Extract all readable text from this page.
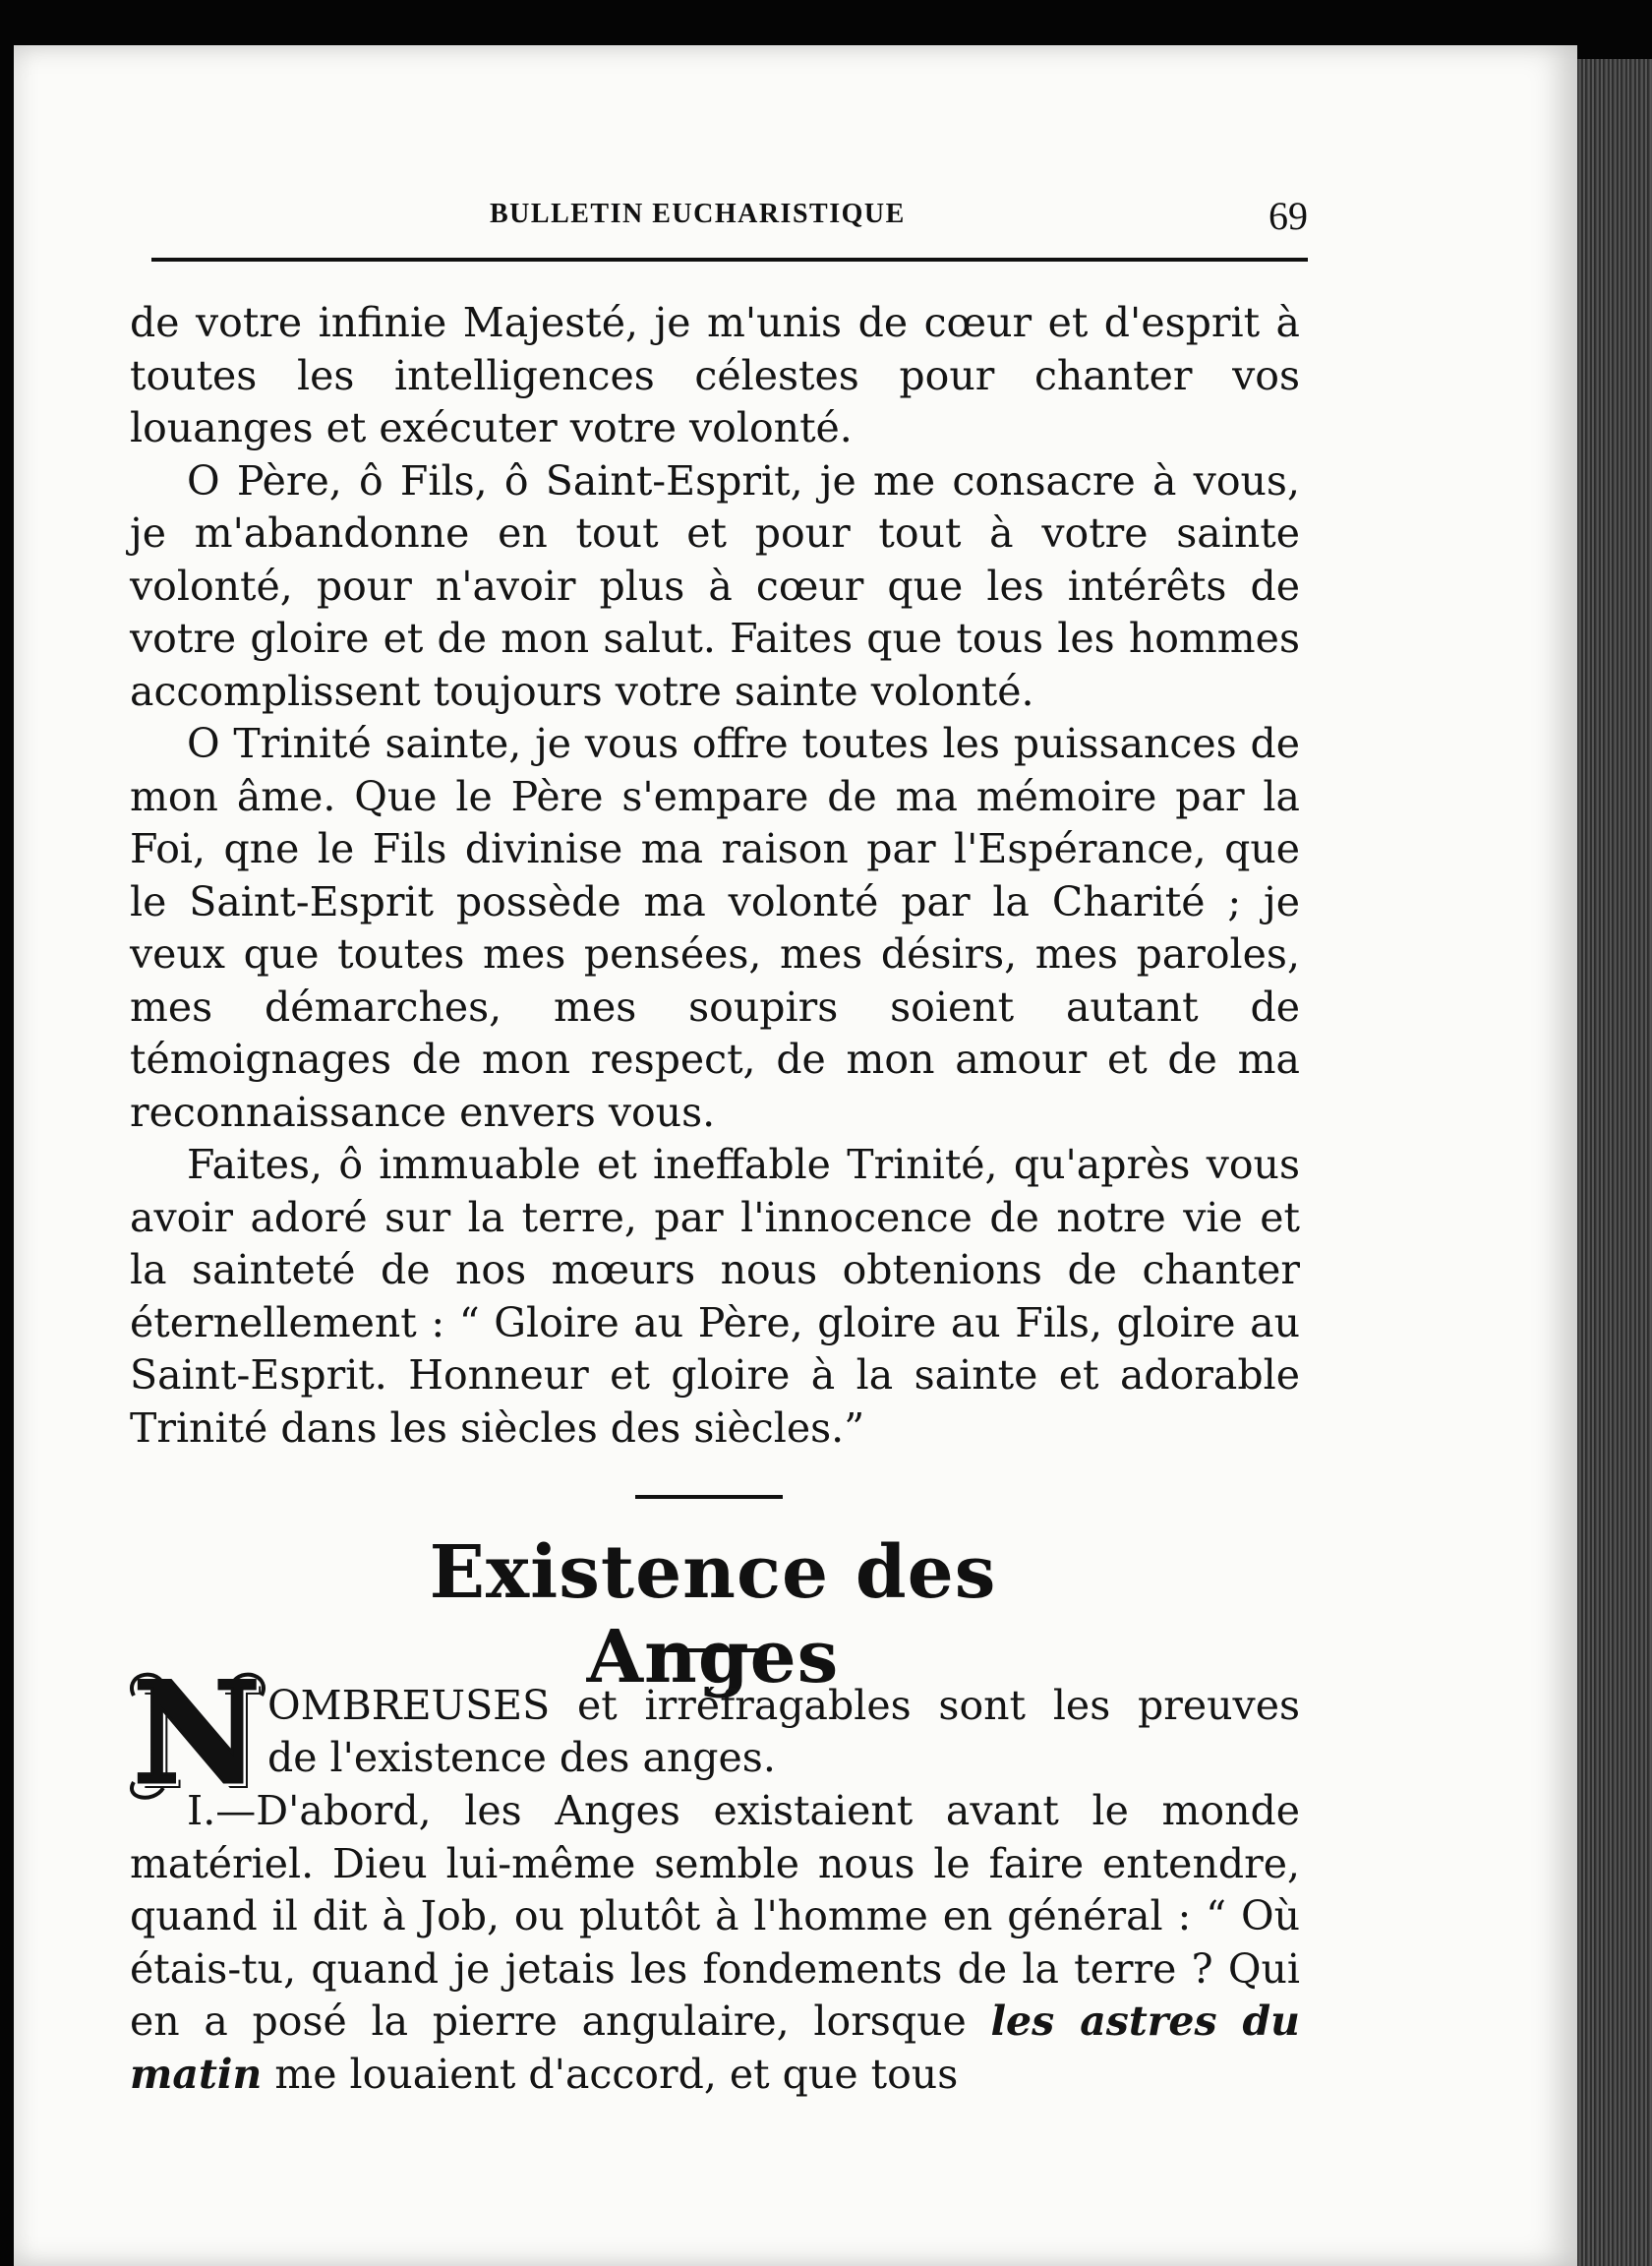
BULLETIN EUCHARISTIQUE	69

de votre infinie Majesté, je m'unis de cœur et d'esprit à toutes les intelligences célestes pour chanter vos louanges et exécuter votre volonté.

O Père, ô Fils, ô Saint-Esprit, je me consacre à vous, je m'abandonne en tout et pour tout à votre sainte volonté, pour n'avoir plus à cœur que les intérêts de votre gloire et de mon salut. Faites que tous les hommes accomplissent toujours votre sainte volonté.

O Trinité sainte, je vous offre toutes les puissances de mon âme. Que le Père s'empare de ma mémoire par la Foi, qne le Fils divinise ma raison par l'Espérance, que le Saint-Esprit possède ma volonté par la Charité ; je veux que toutes mes pensées, mes désirs, mes paroles, mes démarches, mes soupirs soient autant de témoignages de mon respect, de mon amour et de ma reconnaissance envers vous.

Faites, ô immuable et ineffable Trinité, qu'après vous avoir adoré sur la terre, par l'innocence de notre vie et la sainteté de nos mœurs nous obtenions de chanter éternellement : “ Gloire au Père, gloire au Fils, gloire au Saint-Esprit. Honneur et gloire à la sainte et adorable Trinité dans les siècles des siècles.”

Existence des Anges
N OMBREUSES et irréfragables sont les preuves
de l'existence des anges.

I.—D'abord, les Anges existaient avant le monde matériel. Dieu lui-même semble nous le faire entendre, quand il dit à Job, ou plutôt à l'homme en général : “ Où étais-tu, quand je jetais les fondements de la terre ? Qui en a posé la pierre angulaire, lorsque les astres du matin me louaient d'accord, et que tous
